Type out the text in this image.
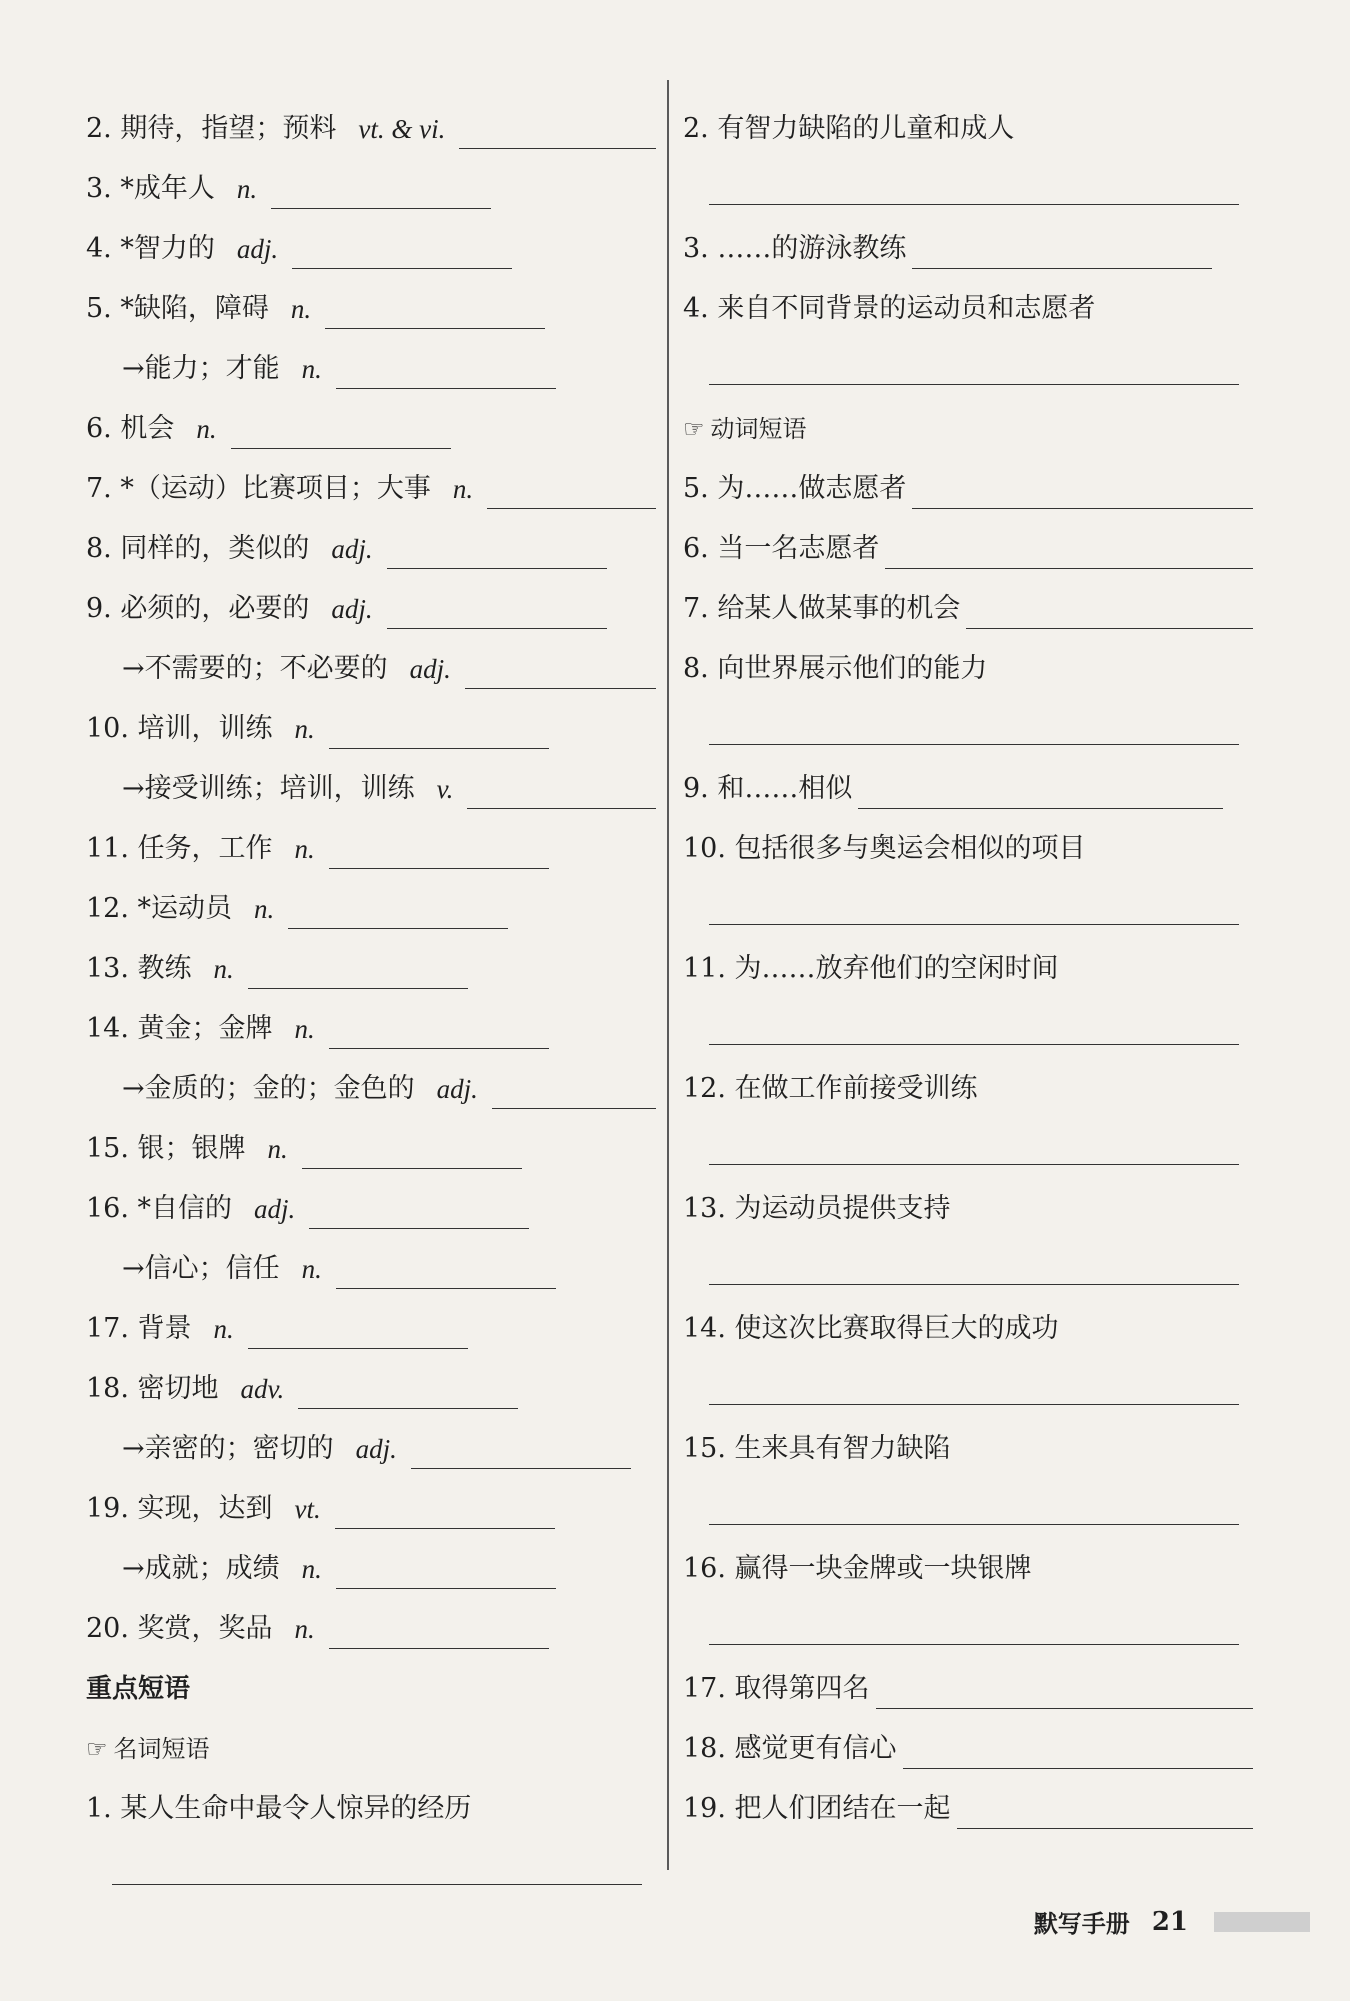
2. 期待，指望；预料 vt. & vi.
3. *成年人 n.
4. *智力的 adj.
5. *缺陷，障碍 n.
→能力；才能 n.
6. 机会 n.
7. *（运动）比赛项目；大事 n.
8. 同样的，类似的 adj.
9. 必须的，必要的 adj.
→不需要的；不必要的 adj.
10. 培训，训练 n.
→接受训练；培训，训练 v.
11. 任务，工作 n.
12. *运动员 n.
13. 教练 n.
14. 黄金；金牌 n.
→金质的；金的；金色的 adj.
15. 银；银牌 n.
16. *自信的 adj.
→信心；信任 n.
17. 背景 n.
18. 密切地 adv.
→亲密的；密切的 adj.
19. 实现，达到 vt.
→成就；成绩 n.
20. 奖赏，奖品 n.
重点短语
☞ 名词短语
1. 某人生命中最令人惊异的经历
2. 有智力缺陷的儿童和成人
3. ……的游泳教练
4. 来自不同背景的运动员和志愿者
☞ 动词短语
5. 为……做志愿者
6. 当一名志愿者
7. 给某人做某事的机会
8. 向世界展示他们的能力
9. 和……相似
10. 包括很多与奥运会相似的项目
11. 为……放弃他们的空闲时间
12. 在做工作前接受训练
13. 为运动员提供支持
14. 使这次比赛取得巨大的成功
15. 生来具有智力缺陷
16. 赢得一块金牌或一块银牌
17. 取得第四名
18. 感觉更有信心
19. 把人们团结在一起
默写手册 21
